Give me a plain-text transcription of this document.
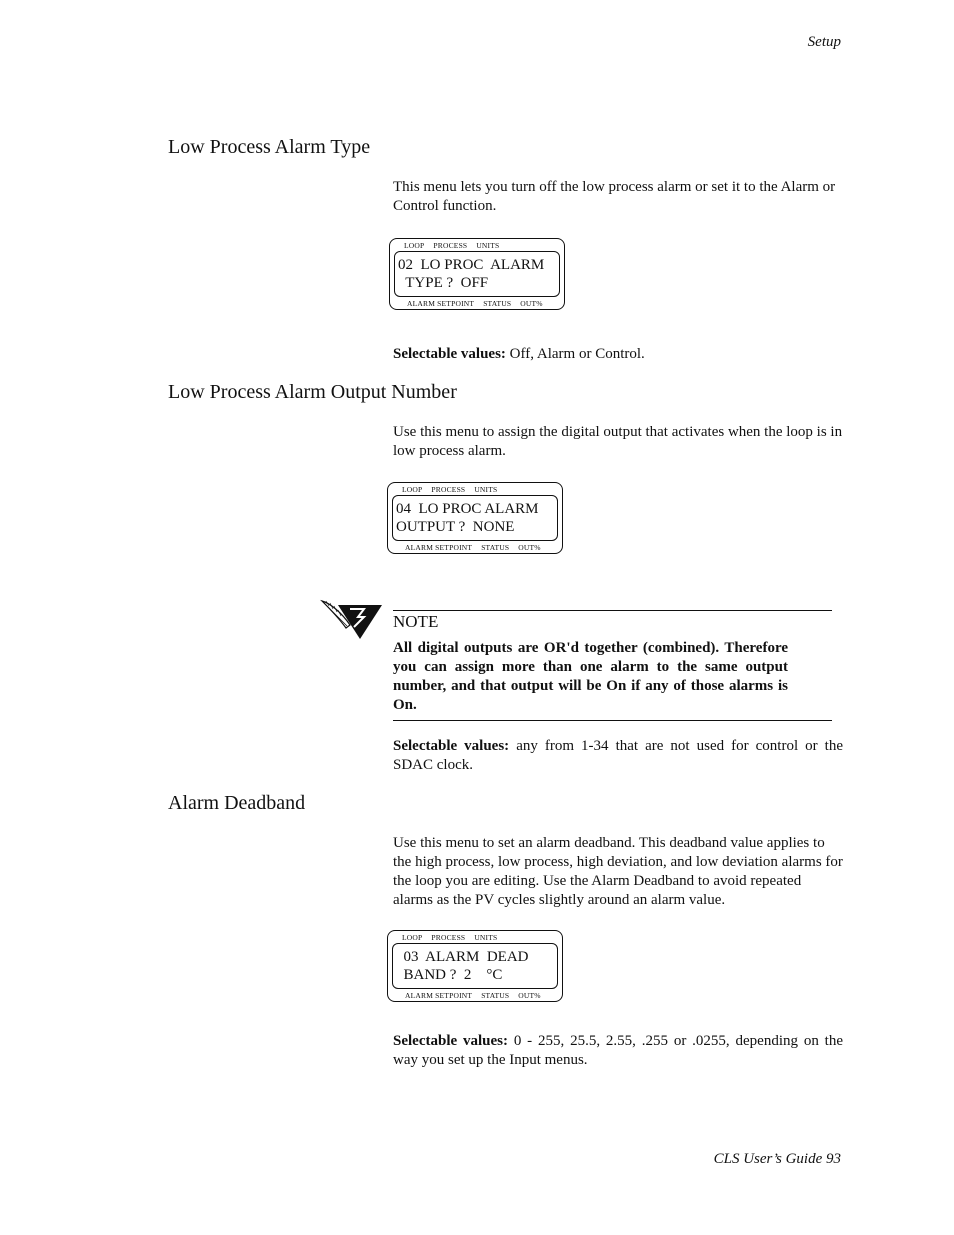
Setup
CLS User’s Guide 93
Low Process Alarm Type

This menu lets you turn off the low process alarm or set it to the Alarm or Control function.

LOOP PROCESS UNITS
02  LO PROC  ALARM
TYPE ?  OFF
ALARM SETPOINT STATUS OUT%

Selectable values: Off, Alarm or Control.

Low Process Alarm Output Number

Use this menu to assign the digital output that activates when the loop is in low process alarm.

LOOP PROCESS UNITS
04  LO PROC ALARM
OUTPUT ?  NONE
ALARM SETPOINT STATUS OUT%
NOTE

All digital outputs are OR'd together (combined). Therefore you can assign more than one alarm to the same output number, and that output will be On if any of those alarms is On.

Selectable values: any from 1-34 that are not used for control or the SDAC clock.

Alarm Deadband

Use this menu to set an alarm deadband. This deadband value applies to the high process, low process, high deviation, and low deviation alarms for the loop you are editing. Use the Alarm Deadband to avoid repeated alarms as the PV cycles slightly around an alarm value.

LOOP PROCESS UNITS
03  ALARM  DEAD
BAND ?  2    °C
ALARM SETPOINT STATUS OUT%

Selectable values: 0 - 255, 25.5, 2.55, .255 or .0255, depending on the way you set up the Input menus.
